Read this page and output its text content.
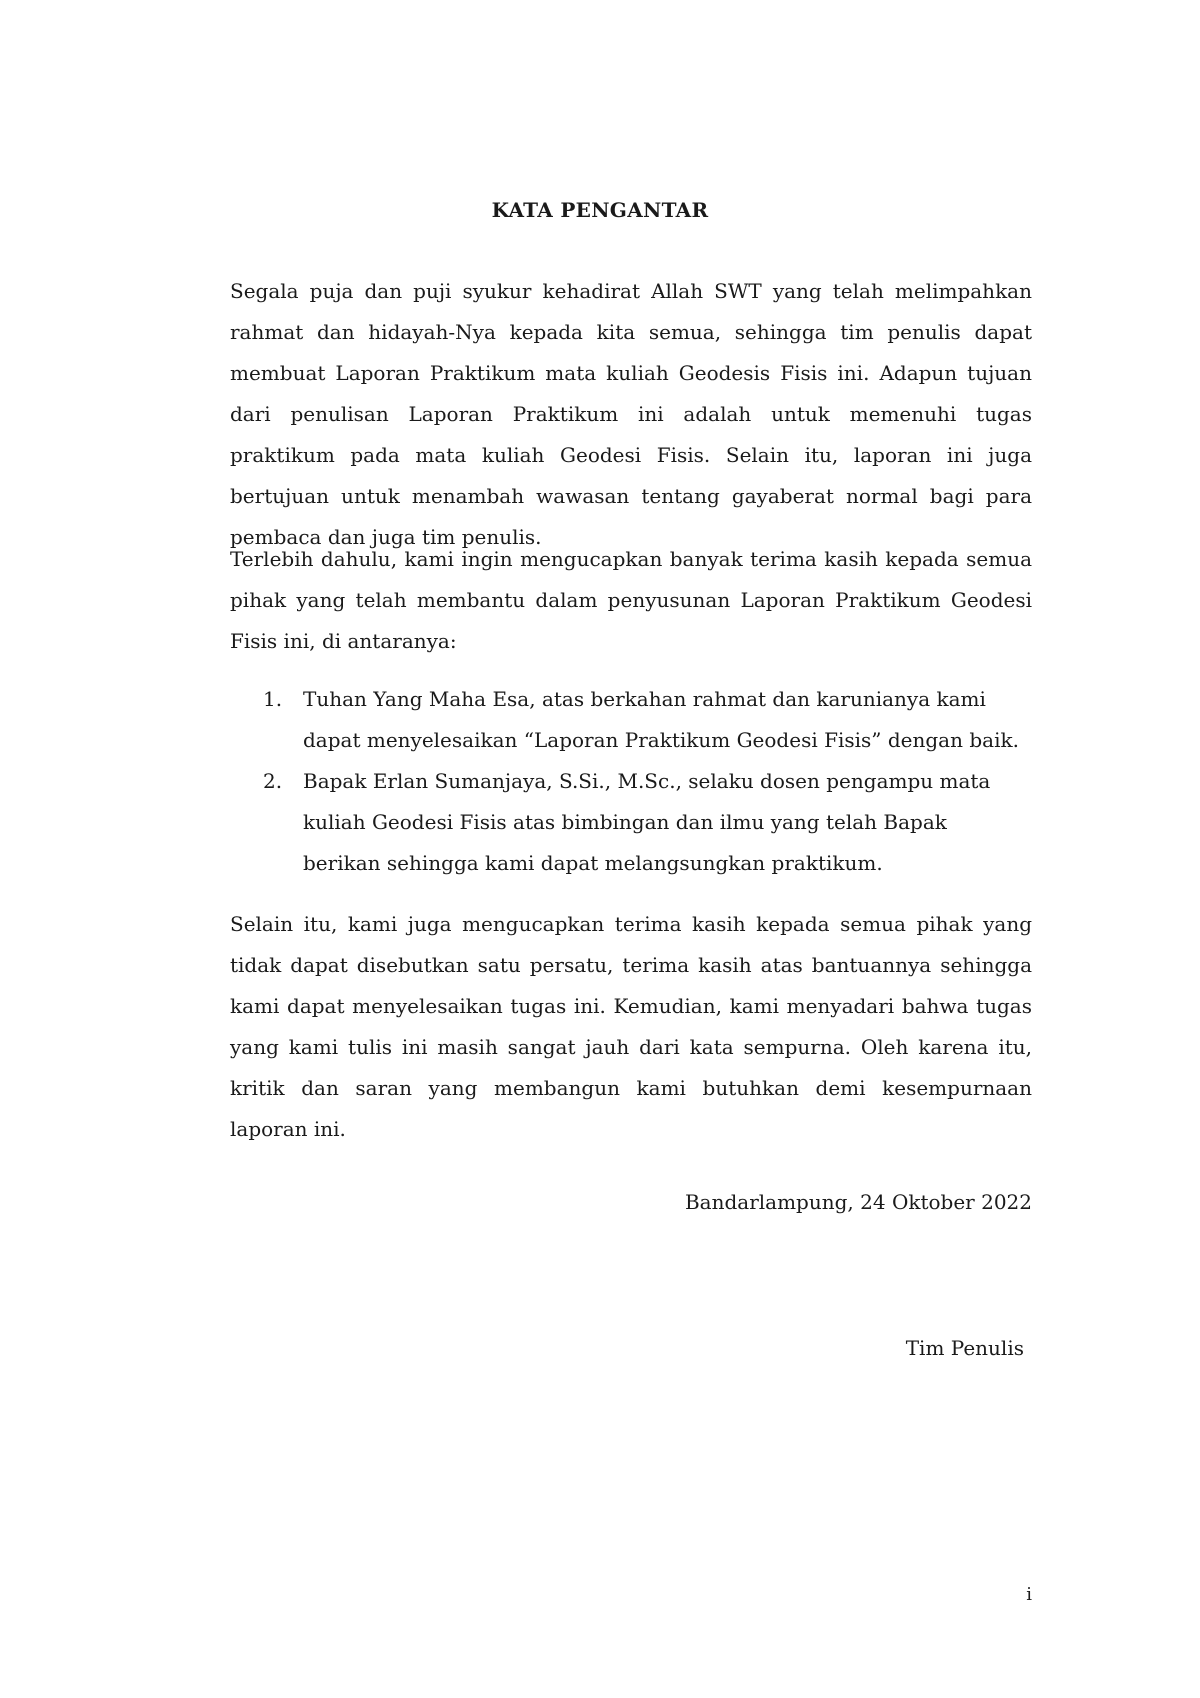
KATA PENGANTAR

Segala puja dan puji syukur kehadirat Allah SWT yang telah melimpahkan rahmat dan hidayah-Nya kepada kita semua, sehingga tim penulis dapat membuat Laporan Praktikum mata kuliah Geodesis Fisis ini. Adapun tujuan dari penulisan Laporan Praktikum ini adalah untuk memenuhi tugas praktikum pada mata kuliah Geodesi Fisis. Selain itu, laporan ini juga bertujuan untuk menambah wawasan tentang gayaberat normal bagi para pembaca dan juga tim penulis.

Terlebih dahulu, kami ingin mengucapkan banyak terima kasih kepada semua pihak yang telah membantu dalam penyusunan Laporan Praktikum Geodesi Fisis ini, di antaranya:

1. Tuhan Yang Maha Esa, atas berkahan rahmat dan karunianya kami dapat menyelesaikan “Laporan Praktikum Geodesi Fisis” dengan baik.
2. Bapak Erlan Sumanjaya, S.Si., M.Sc., selaku dosen pengampu mata kuliah Geodesi Fisis atas bimbingan dan ilmu yang telah Bapak berikan sehingga kami dapat melangsungkan praktikum.

Selain itu, kami juga mengucapkan terima kasih kepada semua pihak yang tidak dapat disebutkan satu persatu, terima kasih atas bantuannya sehingga kami dapat menyelesaikan tugas ini. Kemudian, kami menyadari bahwa tugas yang kami tulis ini masih sangat jauh dari kata sempurna. Oleh karena itu, kritik dan saran yang membangun kami butuhkan demi kesempurnaan laporan ini.

Bandarlampung, 24 Oktober 2022
Tim Penulis
i
